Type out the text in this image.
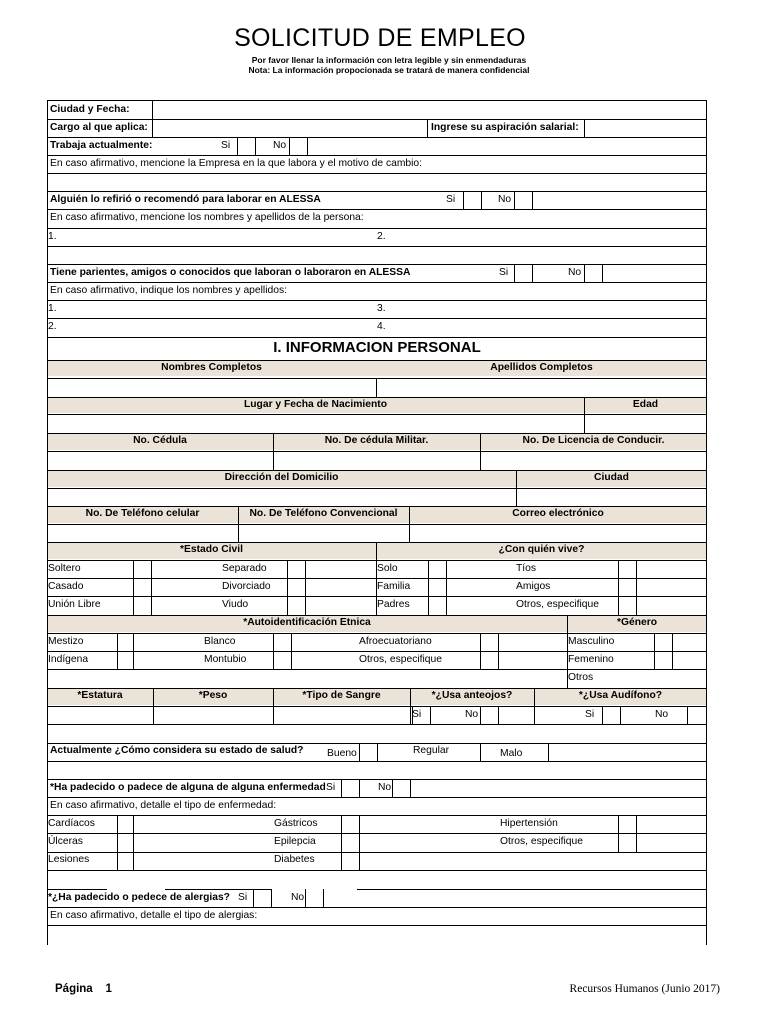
SOLICITUD DE EMPLEO
Por favor llenar la información con letra legible y sin enmendaduras
Nota: La información propocionada se tratará de manera confidencial
Ciudad y Fecha:
Cargo al que aplica:	Ingrese su aspiración salarial:
Trabaja actualmente:	Si	No
En caso afirmativo, mencione la Empresa en la que labora y el motivo de cambio:
Alguién lo refirió o recomendó para laborar en ALESSA	Si	No
En caso afirmativo, mencione los nombres y apellidos de la persona:
1.	2.
Tiene parientes, amigos o conocidos que laboran o laboraron en ALESSA	Si	No
En caso afirmativo, indique los nombres y apellidos:
1.	3.
2.	4.
I. INFORMACION PERSONAL
Nombres Completos	Apellidos Completos
Lugar y Fecha de Nacimiento	Edad
No. Cédula	No. De cédula Militar.	No. De Licencia de Conducir.
Dirección del Domicilio	Ciudad
No. De Teléfono celular	No. De Teléfono Convencional	Correo electrónico
*Estado Civil	¿Con quién vive?
Soltero	Separado	Solo	Tíos
Casado	Divorciado	Familia	Amigos
Unión Libre	Viudo	Padres	Otros, especifique
*Autoidentificación Etnica	*Género
Mestizo	Blanco	Afroecuatoriano	Masculino
Indígena	Montubio	Otros, especifique	Femenino
Otros
*Estatura	*Peso	*Tipo de Sangre	*¿Usa anteojos?	*¿Usa Audífono?
Si	No	Si	No
Actualmente ¿Cómo considera su estado de salud? Bueno	Regular	Malo
*Ha padecido o padece de alguna de alguna enfermedad Si	No
En caso afirmativo, detalle el tipo de enfermedad:
Cardíacos	Gástricos	Hipertensión
Úlceras	Epilepcia	Otros, especifique
Lesiones	Diabetes
*¿Ha padecido o pedece de alergias? Si	No
En caso afirmativo, detalle el tipo de alergias:
Página 1	Recursos Humanos (Junio 2017)
